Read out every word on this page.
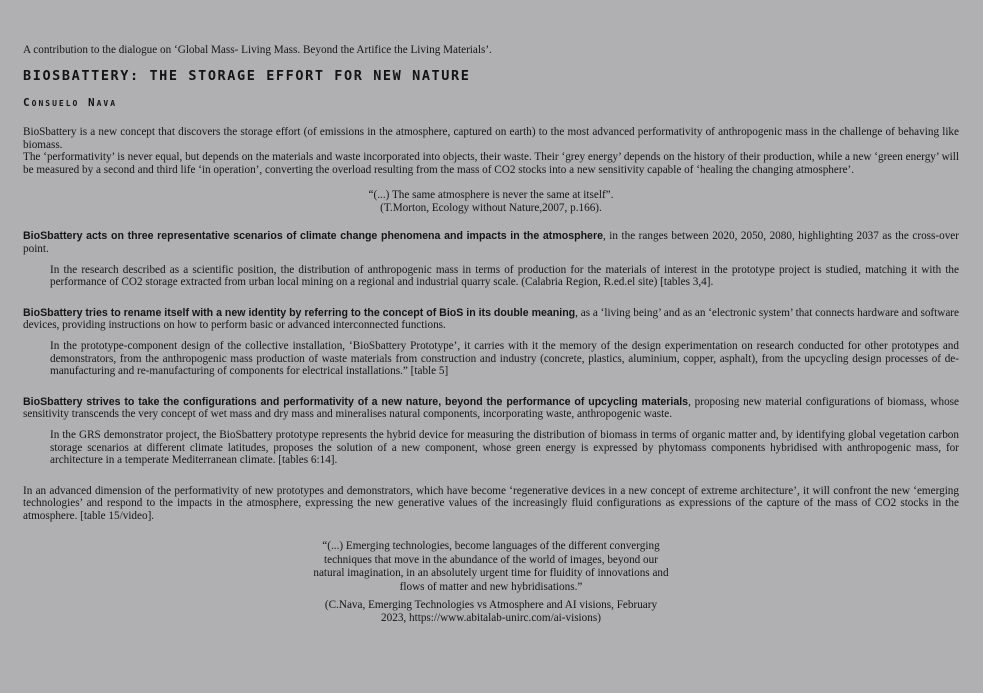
A contribution to the dialogue on ‘Global Mass- Living Mass. Beyond the Artifice the Living Materials’.

BIOSBATTERY: THE STORAGE EFFORT FOR NEW NATURE

Consuelo Nava

BioSbattery is a new concept that discovers the storage effort (of emissions in the atmosphere, captured on earth) to the most advanced performativity of anthropogenic mass in the challenge of behaving like biomass.

The ‘performativity’ is never equal, but depends on the materials and waste incorporated into objects, their waste. Their ‘grey energy’ depends on the history of their production, while a new ‘green energy’ will be measured by a second and third life ‘in operation’, converting the overload resulting from the mass of CO2 stocks into a new sensitivity capable of ‘healing the changing atmosphere’.

“(...) The same atmosphere is never the same at itself”.

(T.Morton, Ecology without Nature,2007, p.166).

BioSbattery acts on three representative scenarios of climate change phenomena and impacts in the atmosphere, in the ranges between 2020, 2050, 2080, highlighting 2037 as the cross-over point.

In the research described as a scientific position, the distribution of anthropogenic mass in terms of production for the materials of interest in the prototype project is studied, matching it with the performance of CO2 storage extracted from urban local mining on a regional and industrial quarry scale. (Calabria Region, R.ed.el site) [tables 3,4].

BioSbattery tries to rename itself with a new identity by referring to the concept of BioS in its double meaning, as a ‘living being’ and as an ‘electronic system’ that connects hardware and software devices, providing instructions on how to perform basic or advanced interconnected functions.

In the prototype-component design of the collective installation, ‘BioSbattery Prototype’, it carries with it the memory of the design experimentation on research conducted for other prototypes and demonstrators, from the anthropogenic mass production of waste materials from construction and industry (concrete, plastics, aluminium, copper, asphalt), from the upcycling design processes of de-manufacturing and re-manufacturing of components for electrical installations.” [table 5]

BioSbattery strives to take the configurations and performativity of a new nature, beyond the performance of upcycling materials, proposing new material configurations of biomass, whose sensitivity transcends the very concept of wet mass and dry mass and mineralises natural components, incorporating waste, anthropogenic waste.

In the GRS demonstrator project, the BioSbattery prototype represents the hybrid device for measuring the distribution of biomass in terms of organic matter and, by identifying global vegetation carbon storage scenarios at different climate latitudes, proposes the solution of a new component, whose green energy is expressed by phytomass components hybridised with anthropogenic mass, for architecture in a temperate Mediterranean climate. [tables 6:14].

In an advanced dimension of the performativity of new prototypes and demonstrators, which have become ‘regenerative devices in a new concept of extreme architecture’, it will confront the new ‘emerging technologies’ and respond to the impacts in the atmosphere, expressing the new generative values of the increasingly fluid configurations as expressions of the capture of the mass of CO2 stocks in the atmosphere. [table 15/video].

“(...) Emerging technologies, become languages of the different converging techniques that move in the abundance of the world of images, beyond our natural imagination, in an absolutely urgent time for fluidity of innovations and flows of matter and new hybridisations.”

(C.Nava, Emerging Technologies vs Atmosphere and AI visions, February 2023, https://www.abitalab-unirc.com/ai-visions)
